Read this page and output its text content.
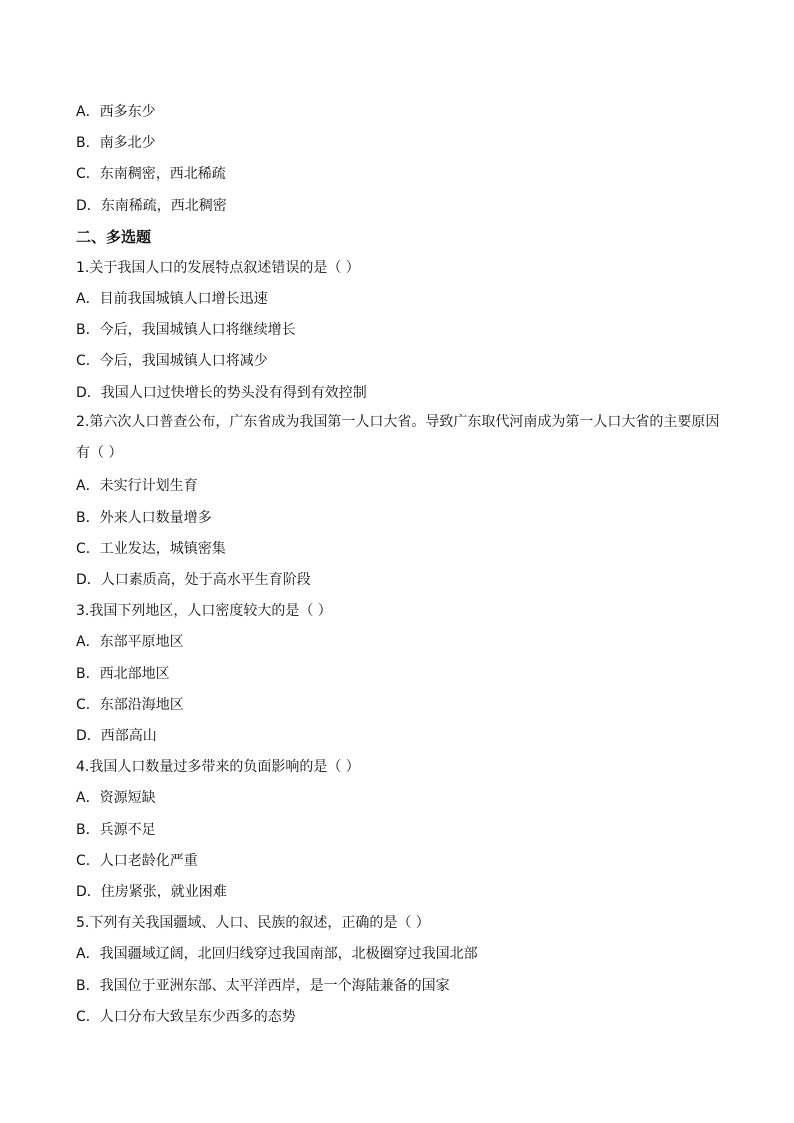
A．西多东少
B．南多北少
C．东南稠密，西北稀疏
D．东南稀疏，西北稠密
二、多选题
1.关于我国人口的发展特点叙述错误的是（ ）
A．目前我国城镇人口增长迅速
B．今后，我国城镇人口将继续增长
C．今后，我国城镇人口将减少
D．我国人口过快增长的势头没有得到有效控制
2.第六次人口普查公布，广东省成为我国第一人口大省。导致广东取代河南成为第一人口大省的主要原因有（ ）
A．未实行计划生育
B．外来人口数量增多
C．工业发达，城镇密集
D．人口素质高，处于高水平生育阶段
3.我国下列地区，人口密度较大的是（ ）
A．东部平原地区
B．西北部地区
C．东部沿海地区
D．西部高山
4.我国人口数量过多带来的负面影响的是（ ）
A．资源短缺
B．兵源不足
C．人口老龄化严重
D．住房紧张，就业困难
5.下列有关我国疆域、人口、民族的叙述，正确的是（ ）
A．我国疆域辽阔，北回归线穿过我国南部，北极圈穿过我国北部
B．我国位于亚洲东部、太平洋西岸，是一个海陆兼备的国家
C．人口分布大致呈东少西多的态势
